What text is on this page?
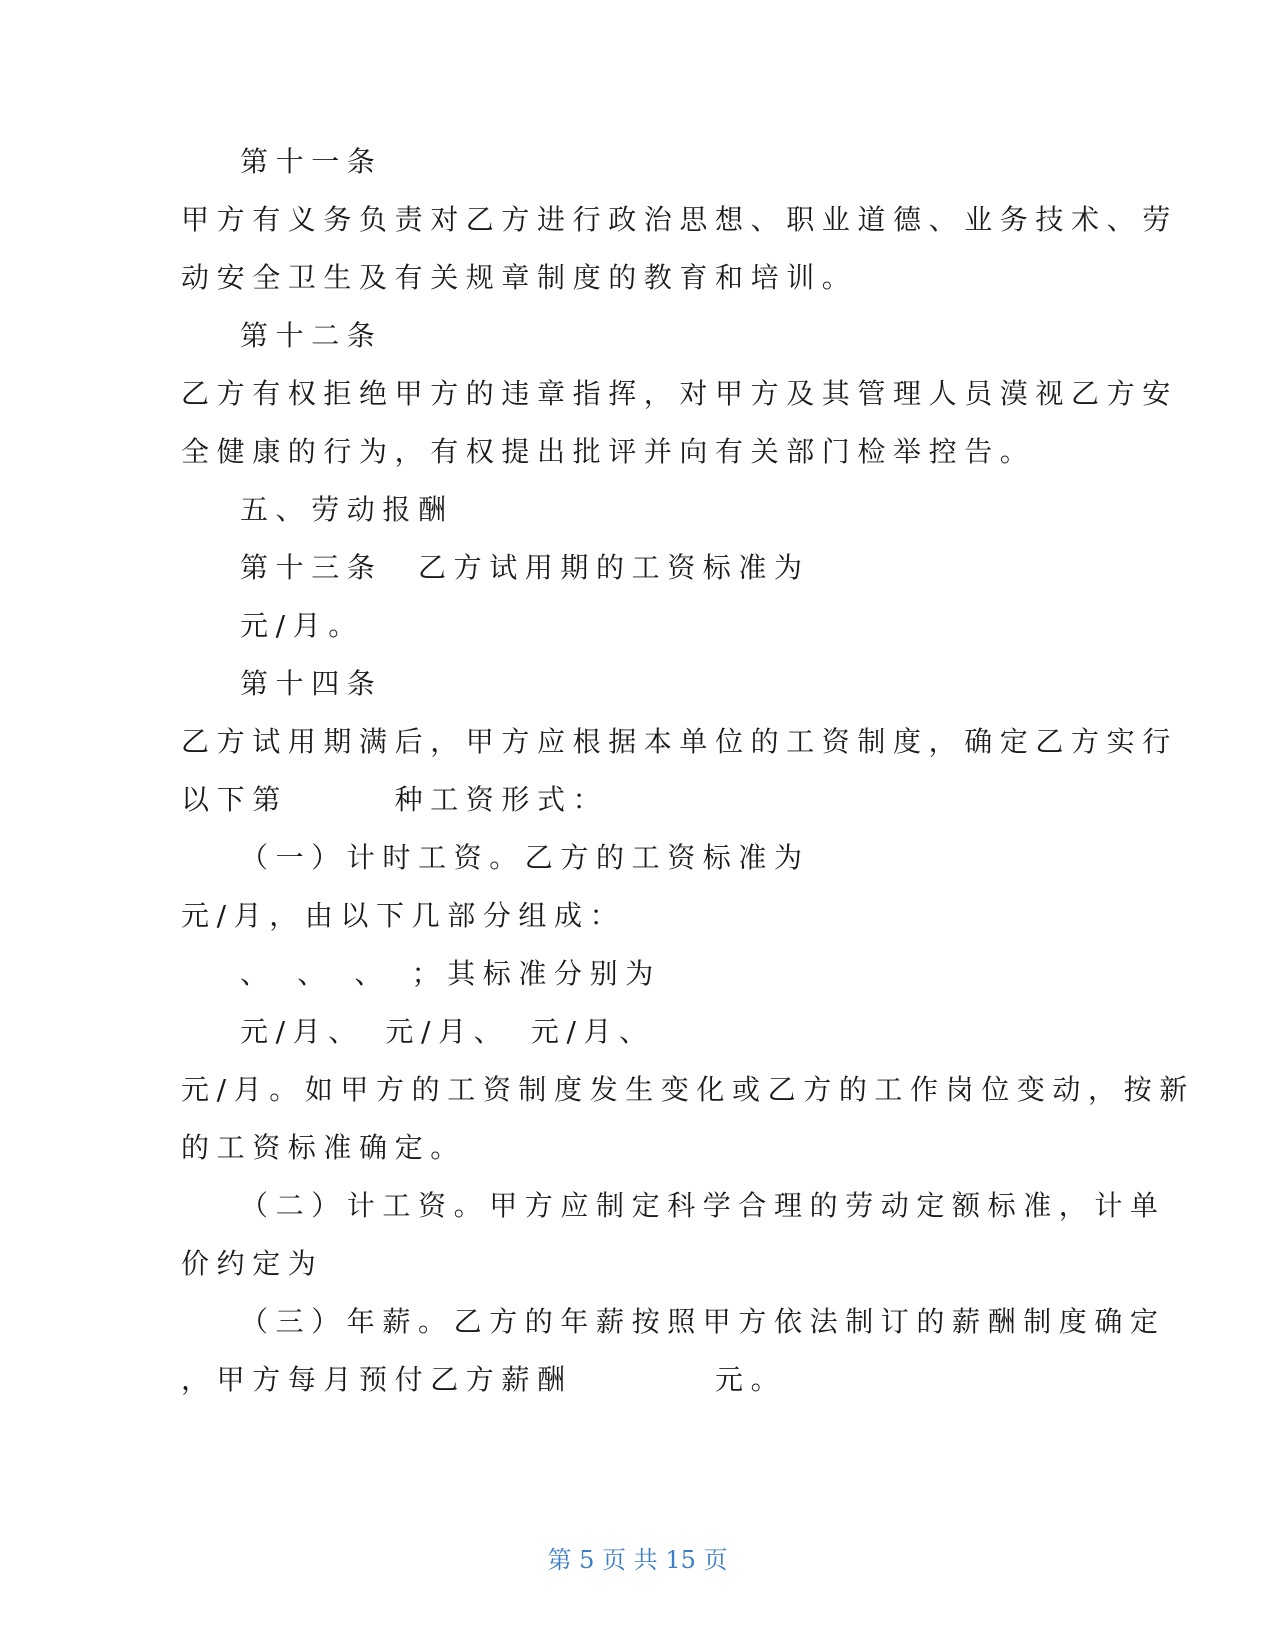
第十一条
甲方有义务负责对乙方进行政治思想、职业道德、业务技术、劳
动安全卫生及有关规章制度的教育和培训。
第十二条
乙方有权拒绝甲方的违章指挥，对甲方及其管理人员漠视乙方安
全健康的行为，有权提出批评并向有关部门检举控告。
五、劳动报酬
第十三条　乙方试用期的工资标准为
元/月。
第十四条
乙方试用期满后，甲方应根据本单位的工资制度，确定乙方实行
以下第　　　种工资形式：
（一）计时工资。乙方的工资标准为
元/月，由以下几部分组成：
、　、　、　；其标准分别为
元/月、　元/月、　元/月、
元/月。如甲方的工资制度发生变化或乙方的工作岗位变动，按新
的工资标准确定。
（二）计工资。甲方应制定科学合理的劳动定额标准，计单
价约定为
（三）年薪。乙方的年薪按照甲方依法制订的薪酬制度确定
，甲方每月预付乙方薪酬　　　　元。
第 5 页 共 15 页
